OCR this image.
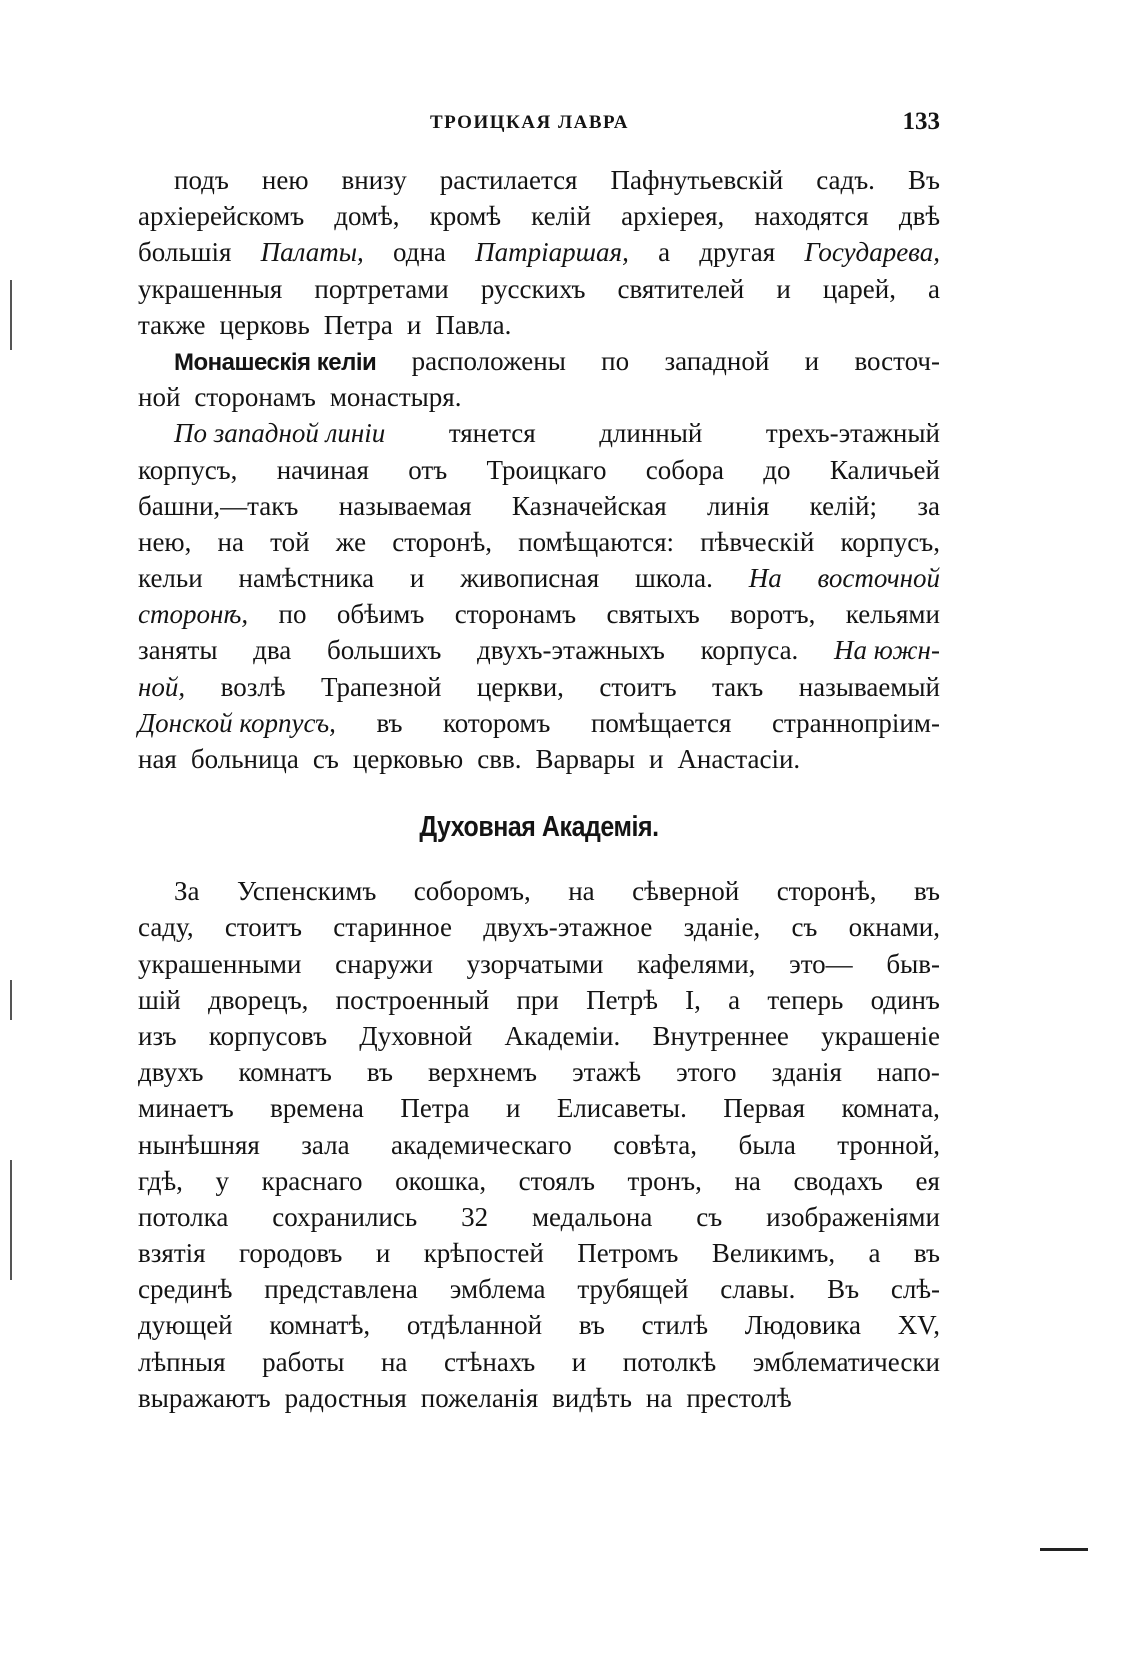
ТРОИЦКАЯ ЛАВРА	133
подъ нею внизу растилается Пафнутьевскій садъ. Въ
архіерейскомъ домѣ, кромѣ келій архіерея, находятся двѣ
большія Палаты, одна Патріаршая, а другая Государева,
украшенныя портретами русскихъ святителей и царей, а
также церковь Петра и Павла.
Монашескія келіи расположены по западной и восточ-
ной сторонамъ монастыря.
По западной линіи тянется длинный трехъ-этажный
корпусъ, начиная отъ Троицкаго собора до Каличьей
башни,—такъ называемая Казначейская линія келій; за
нею, на той же сторонѣ, помѣщаются: пѣвческій корпусъ,
кельи намѣстника и живописная школа. На восточной
сторонѣ, по обѣимъ сторонамъ святыхъ воротъ, кельями
заняты два большихъ двухъ-этажныхъ корпуса. На южн-
ной, возлѣ Трапезной церкви, стоитъ такъ называемый
Донской корпусъ, въ которомъ помѣщается страннопріим-
ная больница съ церковью свв. Варвары и Анастасіи.
Духовная Академія.
За Успенскимъ соборомъ, на сѣверной сторонѣ, въ
саду, стоитъ старинное двухъ-этажное зданіе, съ окнами,
украшенными снаружи узорчатыми кафелями, это— быв-
шій дворецъ, построенный при Петрѣ I, а теперь одинъ
изъ корпусовъ Духовной Академіи. Внутреннее украшеніе
двухъ комнатъ въ верхнемъ этажѣ этого зданія напо-
минаетъ времена Петра и Елисаветы. Первая комната,
нынѣшняя зала академическаго совѣта, была тронной,
гдѣ, у краснаго окошка, стоялъ тронъ, на сводахъ ея
потолка сохранились 32 медальона съ изображеніями
взятія городовъ и крѣпостей Петромъ Великимъ, а въ
срединѣ представлена эмблема трубящей славы. Въ слѣ-
дующей комнатѣ, отдѣланной въ стилѣ Людовика XV,
лѣпныя работы на стѣнахъ и потолкѣ эмблематически
выражаютъ радостныя пожеланія видѣть на престолѣ
